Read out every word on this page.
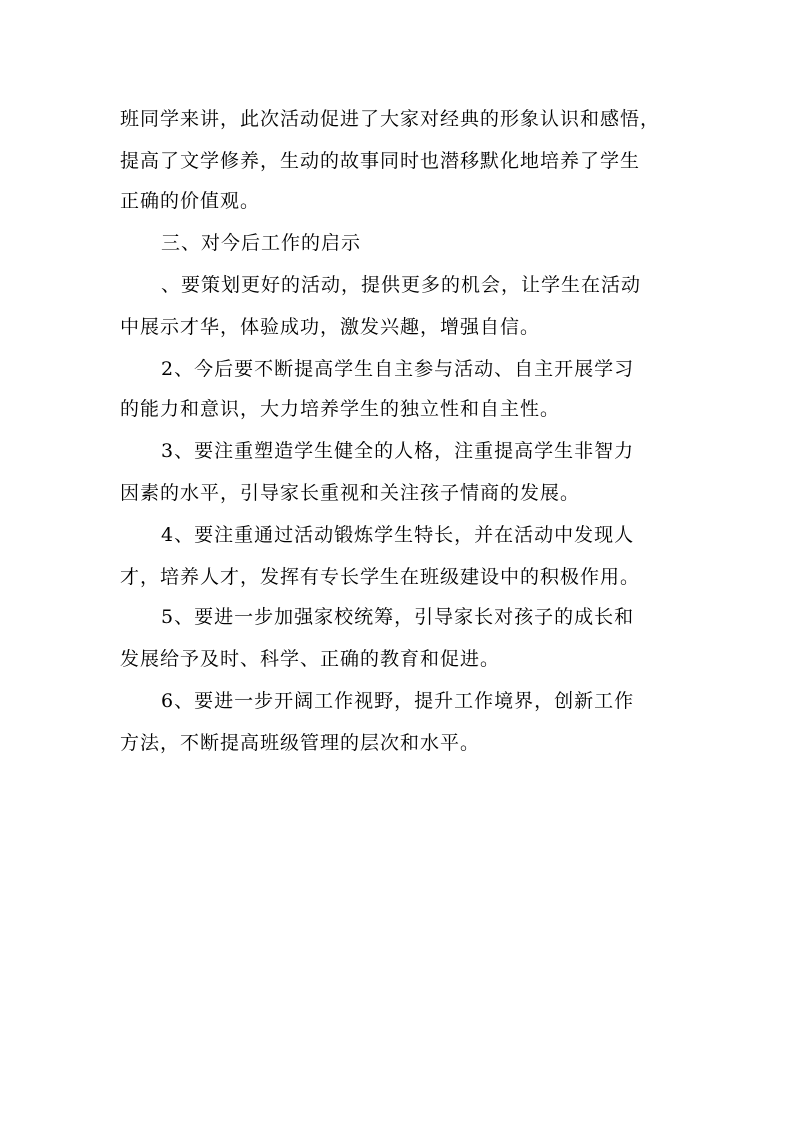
班同学来讲，此次活动促进了大家对经典的形象认识和感悟，
提高了文学修养，生动的故事同时也潜移默化地培养了学生
正确的价值观。
三、对今后工作的启示
、要策划更好的活动，提供更多的机会，让学生在活动
中展示才华，体验成功，激发兴趣，增强自信。
2、今后要不断提高学生自主参与活动、自主开展学习
的能力和意识，大力培养学生的独立性和自主性。
3、要注重塑造学生健全的人格，注重提高学生非智力
因素的水平，引导家长重视和关注孩子情商的发展。
4、要注重通过活动锻炼学生特长，并在活动中发现人
才，培养人才，发挥有专长学生在班级建设中的积极作用。
5、要进一步加强家校统筹，引导家长对孩子的成长和
发展给予及时、科学、正确的教育和促进。
6、要进一步开阔工作视野，提升工作境界，创新工作
方法，不断提高班级管理的层次和水平。
